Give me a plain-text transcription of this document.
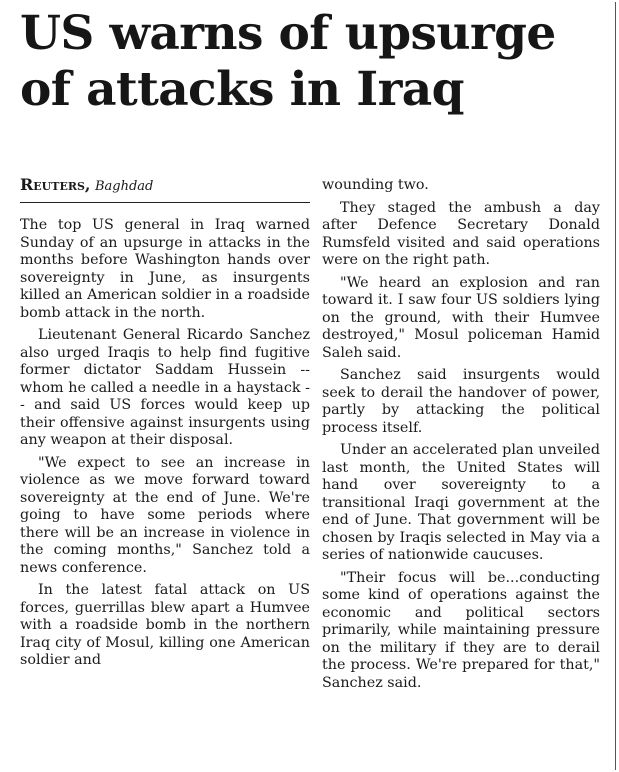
US warns of upsurge
of attacks in Iraq
Reuters, Baghdad

The top US general in Iraq warned Sunday of an upsurge in attacks in the months before Washington hands over sovereignty in June, as insurgents killed an American soldier in a roadside bomb attack in the north.

Lieutenant General Ricardo Sanchez also urged Iraqis to help find fugitive former dictator Saddam Hussein -- whom he called a needle in a haystack -- and said US forces would keep up their offensive against insurgents using any weapon at their disposal.

"We expect to see an increase in violence as we move forward toward sovereignty at the end of June. We're going to have some periods where there will be an increase in violence in the coming months," Sanchez told a news conference.

In the latest fatal attack on US forces, guerrillas blew apart a Humvee with a roadside bomb in the northern Iraq city of Mosul, killing one American soldier and

wounding two.

They staged the ambush a day after Defence Secretary Donald Rumsfeld visited and said operations were on the right path.

"We heard an explosion and ran toward it. I saw four US soldiers lying on the ground, with their Humvee destroyed," Mosul policeman Hamid Saleh said.

Sanchez said insurgents would seek to derail the handover of power, partly by attacking the political process itself.

Under an accelerated plan unveiled last month, the United States will hand over sovereignty to a transitional Iraqi government at the end of June. That government will be chosen by Iraqis selected in May via a series of nationwide caucuses.

"Their focus will be...conducting some kind of operations against the economic and political sectors primarily, while maintaining pressure on the military if they are to derail the process. We're prepared for that," Sanchez said.
